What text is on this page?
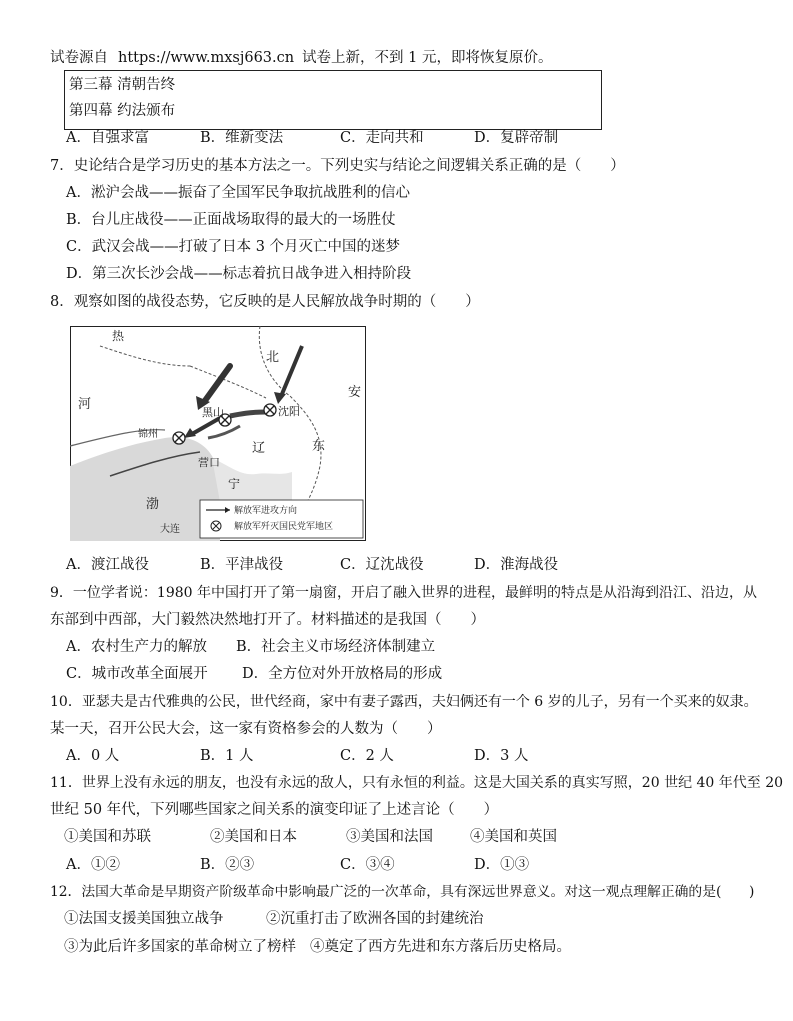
试卷源自 https://www.mxsj663.cn 试卷上新，不到 1 元，即将恢复原价。
第三幕 清朝告终
第四幕 约法颁布
A．自强求富	B．维新变法	C．走向共和	D．复辟帝制
7．史论结合是学习历史的基本方法之一。下列史实与结论之间逻辑关系正确的是（　　）
A．淞沪会战——振奋了全国军民争取抗战胜利的信心
B．台儿庄战役——正面战场取得的最大的一场胜仗
C．武汉会战——打破了日本 3 个月灭亡中国的迷梦
D．第三次长沙会战——标志着抗日战争进入相持阶段
8．观察如图的战役态势，它反映的是人民解放战争时期的（　　）
热
北
安
河
黑山	沈阳
锦州
辽
营口
东
渤
宁
大连
解放军进攻方向
解放军歼灭国民党军地区
A．渡江战役	B．平津战役	C．辽沈战役	D．淮海战役
9．一位学者说：1980 年中国打开了第一扇窗，开启了融入世界的进程，最鲜明的特点是从沿海到沿江、沿边，从
东部到中西部，大门毅然决然地打开了。材料描述的是我国（　　）
A．农村生产力的解放 B．社会主义市场经济体制建立
C．城市改革全面展开 D．全方位对外开放格局的形成
10．亚瑟夫是古代雅典的公民，世代经商，家中有妻子露西，夫妇俩还有一个 6 岁的儿子，另有一个买来的奴隶。
某一天，召开公民大会，这一家有资格参会的人数为（　　）
A．0 人	B．1 人	C．2 人	D．3 人
11．世界上没有永远的朋友，也没有永远的敌人，只有永恒的利益。这是大国关系的真实写照，20 世纪 40 年代至 20
世纪 50 年代，下列哪些国家之间关系的演变印证了上述言论（　　）
①美国和苏联	②美国和日本	③美国和法国	④美国和英国
A．①②	B．②③	C．③④	D．①③
12．法国大革命是早期资产阶级革命中影响最广泛的一次革命，具有深远世界意义。对这一观点理解正确的是(　　)
①法国支援美国独立战争	②沉重打击了欧洲各国的封建统治
③为此后许多国家的革命树立了榜样 ④奠定了西方先进和东方落后历史格局。
